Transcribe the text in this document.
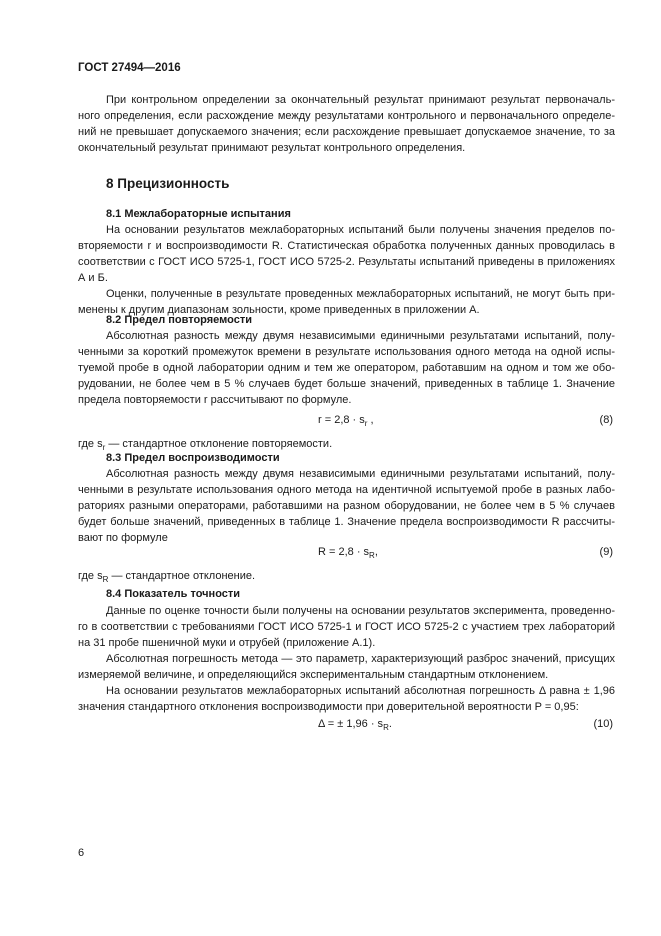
ГОСТ 27494—2016

При контрольном определении за окончательный результат принимают результат первоначального определения, если расхождение между результатами контрольного и первоначального определений не превышает допускаемого значения; если расхождение превышает допускаемое значение, то за окончательный результат принимают результат контрольного определения.

8 Прецизионность
8.1 Межлабораторные испытания

На основании результатов межлабораторных испытаний были получены значения пределов повторяемости r и воспроизводимости R. Статистическая обработка полученных данных проводилась в соответствии с ГОСТ ИСО 5725-1, ГОСТ ИСО 5725-2. Результаты испытаний приведены в приложениях А и Б.

Оценки, полученные в результате проведенных межлабораторных испытаний, не могут быть применены к другим диапазонам зольности, кроме приведенных в приложении А.

8.2 Предел повторяемости

Абсолютная разность между двумя независимыми единичными результатами испытаний, полученными за короткий промежуток времени в результате использования одного метода на одной испытуемой пробе в одной лаборатории одним и тем же оператором, работавшим на одном и том же оборудовании, не более чем в 5 % случаев будет больше значений, приведенных в таблице 1. Значение предела повторяемости r рассчитывают по формуле.

$r = 2,8 \cdot s_r$ ,	(8)
где $s_r$ — стандартное отклонение повторяемости.
8.3 Предел воспроизводимости

Абсолютная разность между двумя независимыми единичными результатами испытаний, полученными в результате использования одного метода на идентичной испытуемой пробе в разных лабораториях разными операторами, работавшими на разном оборудовании, не более чем в 5 % случаев будет больше значений, приведенных в таблице 1. Значение предела воспроизводимости R рассчитывают по формуле

$R = 2,8 \cdot s_R$,	(9)
где $s_R$ — стандартное отклонение.
8.4 Показатель точности

Данные по оценке точности были получены на основании результатов эксперимента, проведенного в соответствии с требованиями ГОСТ ИСО 5725-1 и ГОСТ ИСО 5725-2 с участием трех лабораторий на 31 пробе пшеничной муки и отрубей (приложение А.1).

Абсолютная погрешность метода — это параметр, характеризующий разброс значений, присущих измеряемой величине, и определяющийся экспериментальным стандартным отклонением.

На основании результатов межлабораторных испытаний абсолютная погрешность Δ равна ± 1,96 значения стандартного отклонения воспроизводимости при доверительной вероятности P = 0,95:

Δ = ± $1,96 \cdot s_R$.	(10)
6
